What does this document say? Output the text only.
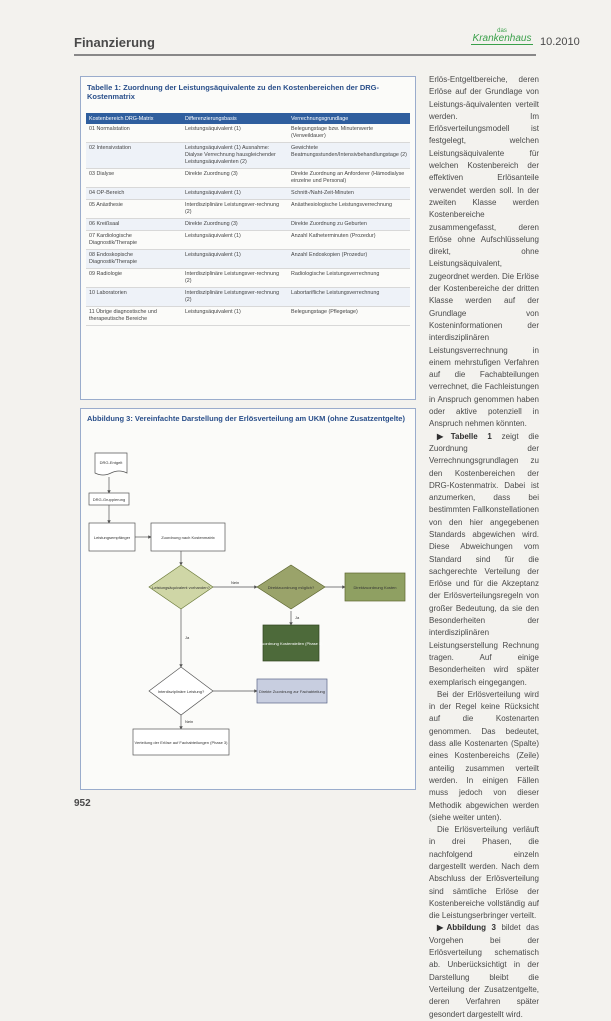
Finanzierung
das
Krankenhaus 10.2010
Tabelle 1: Zuordnung der Leistungsäquivalente zu den Kostenbereichen der DRG-Kostenmatrix
Kostenbereich DRG-Matrix	Differenzierungsbasis	Verrechnungsgrundlage
01 Normalstation	Leistungsäquivalent (1)	Belegungstage bzw. Minutenwerte (Verweildauer)
02 Intensivstation	Leistungsäquivalent (1) Ausnahme: Dialyse Verrechnung hausgleichender Leistungsäquivalenten (2)	Gewichtete Beatmungsstunden/Intensivbehandlungstage (2)
03 Dialyse	Direkte Zuordnung (3)	Direkte Zuordnung an Anforderer (Hämodialyse einzelne und Personal)
04 OP-Bereich	Leistungsäquivalent (1)	Schnitt-/Naht-Zeit-Minuten
05 Anästhesie	Interdisziplinäre Leistungsver-rechnung (2)	Anästhesiologische Leistungsverrechnung
06 Kreißsaal	Direkte Zuordnung (3)	Direkte Zuordnung zu Geburten
07 Kardiologische Diagnostik/Therapie	Leistungsäquivalent (1)	Anzahl Katheterminuten (Prozedur)
08 Endoskopische Diagnostik/Therapie	Leistungsäquivalent (1)	Anzahl Endoskopien (Prozedur)
09 Radiologie	Interdisziplinäre Leistungsver-rechnung (2)	Radiologische Leistungsverrechnung
10 Laboratorien	Interdisziplinäre Leistungsver-rechnung (2)	Labortarifliche Leistungsverrechnung
11 Übrige diagnostische und therapeutische Bereiche	Leistungsäquivalent (1)	Belegungstage (Pflegetage)
Abbildung 3: Vereinfachte Darstellung der Erlösverteilung am UKM (ohne Zusatzentgelte)
DRG-Entgelt
DRG-Gruppierung
Leistungsempfänger	Zuordnung nach Kostenmatrix
Leistungsäquivalent vorhanden?	Direktzuordnung möglich?	Direktzuordnung Kosten
Zuordnung Kostenstellen (Phase 1)
Interdisziplinäre Leistung?	Direkte Zuordnung zur Fachabteilung
Verteilung der Erlöse auf Fachabteilungen (Phase 3)
Nein
Ja
Ja
Nein

Erlös-Entgeltbereiche, deren Erlöse auf der Grundlage von Leistungs-äquivalenten verteilt werden. Im Erlösverteilungsmodell ist festgelegt, welchen Leistungsäquivalente für welchen Kostenbereich der effektiven Erlösanteile verwendet werden soll. In der zweiten Klasse werden Kostenbereiche zusammengefasst, deren Erlöse ohne Aufschlüsselung direkt, ohne Leistungsäquivalent, zugeordnet werden. Die Erlöse der Kostenbereiche der dritten Klasse werden auf der Grundlage von Kosteninformationen der interdisziplinären Leistungsverrechnung in einem mehrstufigen Verfahren auf die Fachabteilungen verrechnet, die Fachleistungen in Anspruch genommen haben oder aktive potenziell in Anspruch nehmen könnten.

▶Tabelle 1 zeigt die Zuordnung der Verrechnungsgrundlagen zu den Kostenbereichen der DRG-Kostenmatrix. Dabei ist anzumerken, dass bei bestimmten Fallkonstellationen von den hier angegebenen Standards abgewichen wird. Diese Abweichungen vom Standard sind für die sachgerechte Verteilung der Erlöse und für die Akzeptanz der Erlösverteilungsregeln von großer Bedeutung, da sie den Besonderheiten der interdisziplinären Leistungserstellung Rechnung tragen. Auf einige Besonderheiten wird später exemplarisch eingegangen.

Bei der Erlösverteilung wird in der Regel keine Rücksicht auf die Kostenarten genommen. Das bedeutet, dass alle Kostenarten (Spalte) eines Kostenbereichs (Zeile) anteilig zusammen verteilt werden. In einigen Fällen muss jedoch von dieser Methodik abgewichen werden (siehe weiter unten).

Die Erlösverteilung verläuft in drei Phasen, die nachfolgend einzeln dargestellt werden. Nach dem Abschluss der Erlösverteilung sind sämtliche Erlöse der Kostenbereiche vollständig auf die Leistungserbringer verteilt.

▶Abbildung 3 bildet das Vorgehen bei der Erlösverteilung schematisch ab. Unberücksichtigt in der Darstellung bleibt die Verteilung der Zusatzentgelte, deren Verfahren später gesondert dargestellt wird.

952
